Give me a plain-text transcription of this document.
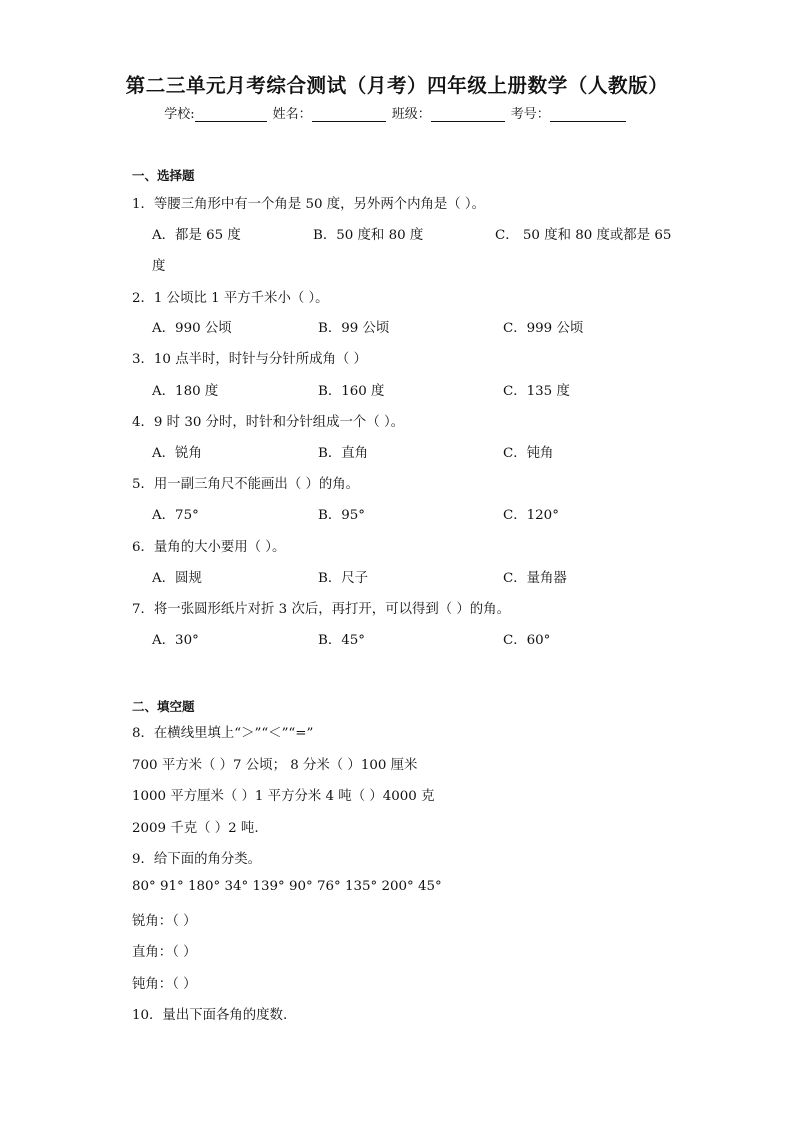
第二三单元月考综合测试（月考）四年级上册数学（人教版）
学校:	姓名：	班级：	考号：
一、选择题
1．等腰三角形中有一个角是 50 度，另外两个内角是（ ）。
A．都是 65 度	B．50 度和 80 度	C． 50 度和 80 度或都是 65
度
2．1 公顷比 1 平方千米小（ ）。
A．990 公顷	B．99 公顷	C．999 公顷
3．10 点半时，时针与分针所成角（ ）
A．180 度	B．160 度	C．135 度
4．9 时 30 分时，时针和分针组成一个（ ）。
A．锐角	B．直角	C．钝角
5．用一副三角尺不能画出（ ）的角。
A．75°	B．95°	C．120°
6．量角的大小要用（ ）。
A．圆规	B．尺子	C．量角器
7．将一张圆形纸片对折 3 次后，再打开，可以得到（ ）的角。
A．30°	B．45°	C．60°
二、填空题
8．在横线里填上“＞”“＜”“=”
700 平方米（ ）7 公顷； 8 分米（ ）100 厘米
1000 平方厘米（ ）1 平方分米 4 吨（ ）4000 克
2009 千克（ ）2 吨.
9．给下面的角分类。
80° 91° 180° 34° 139° 90° 76° 135° 200° 45°
锐角：（ ）
直角：（ ）
钝角：（ ）
10．量出下面各角的度数.
